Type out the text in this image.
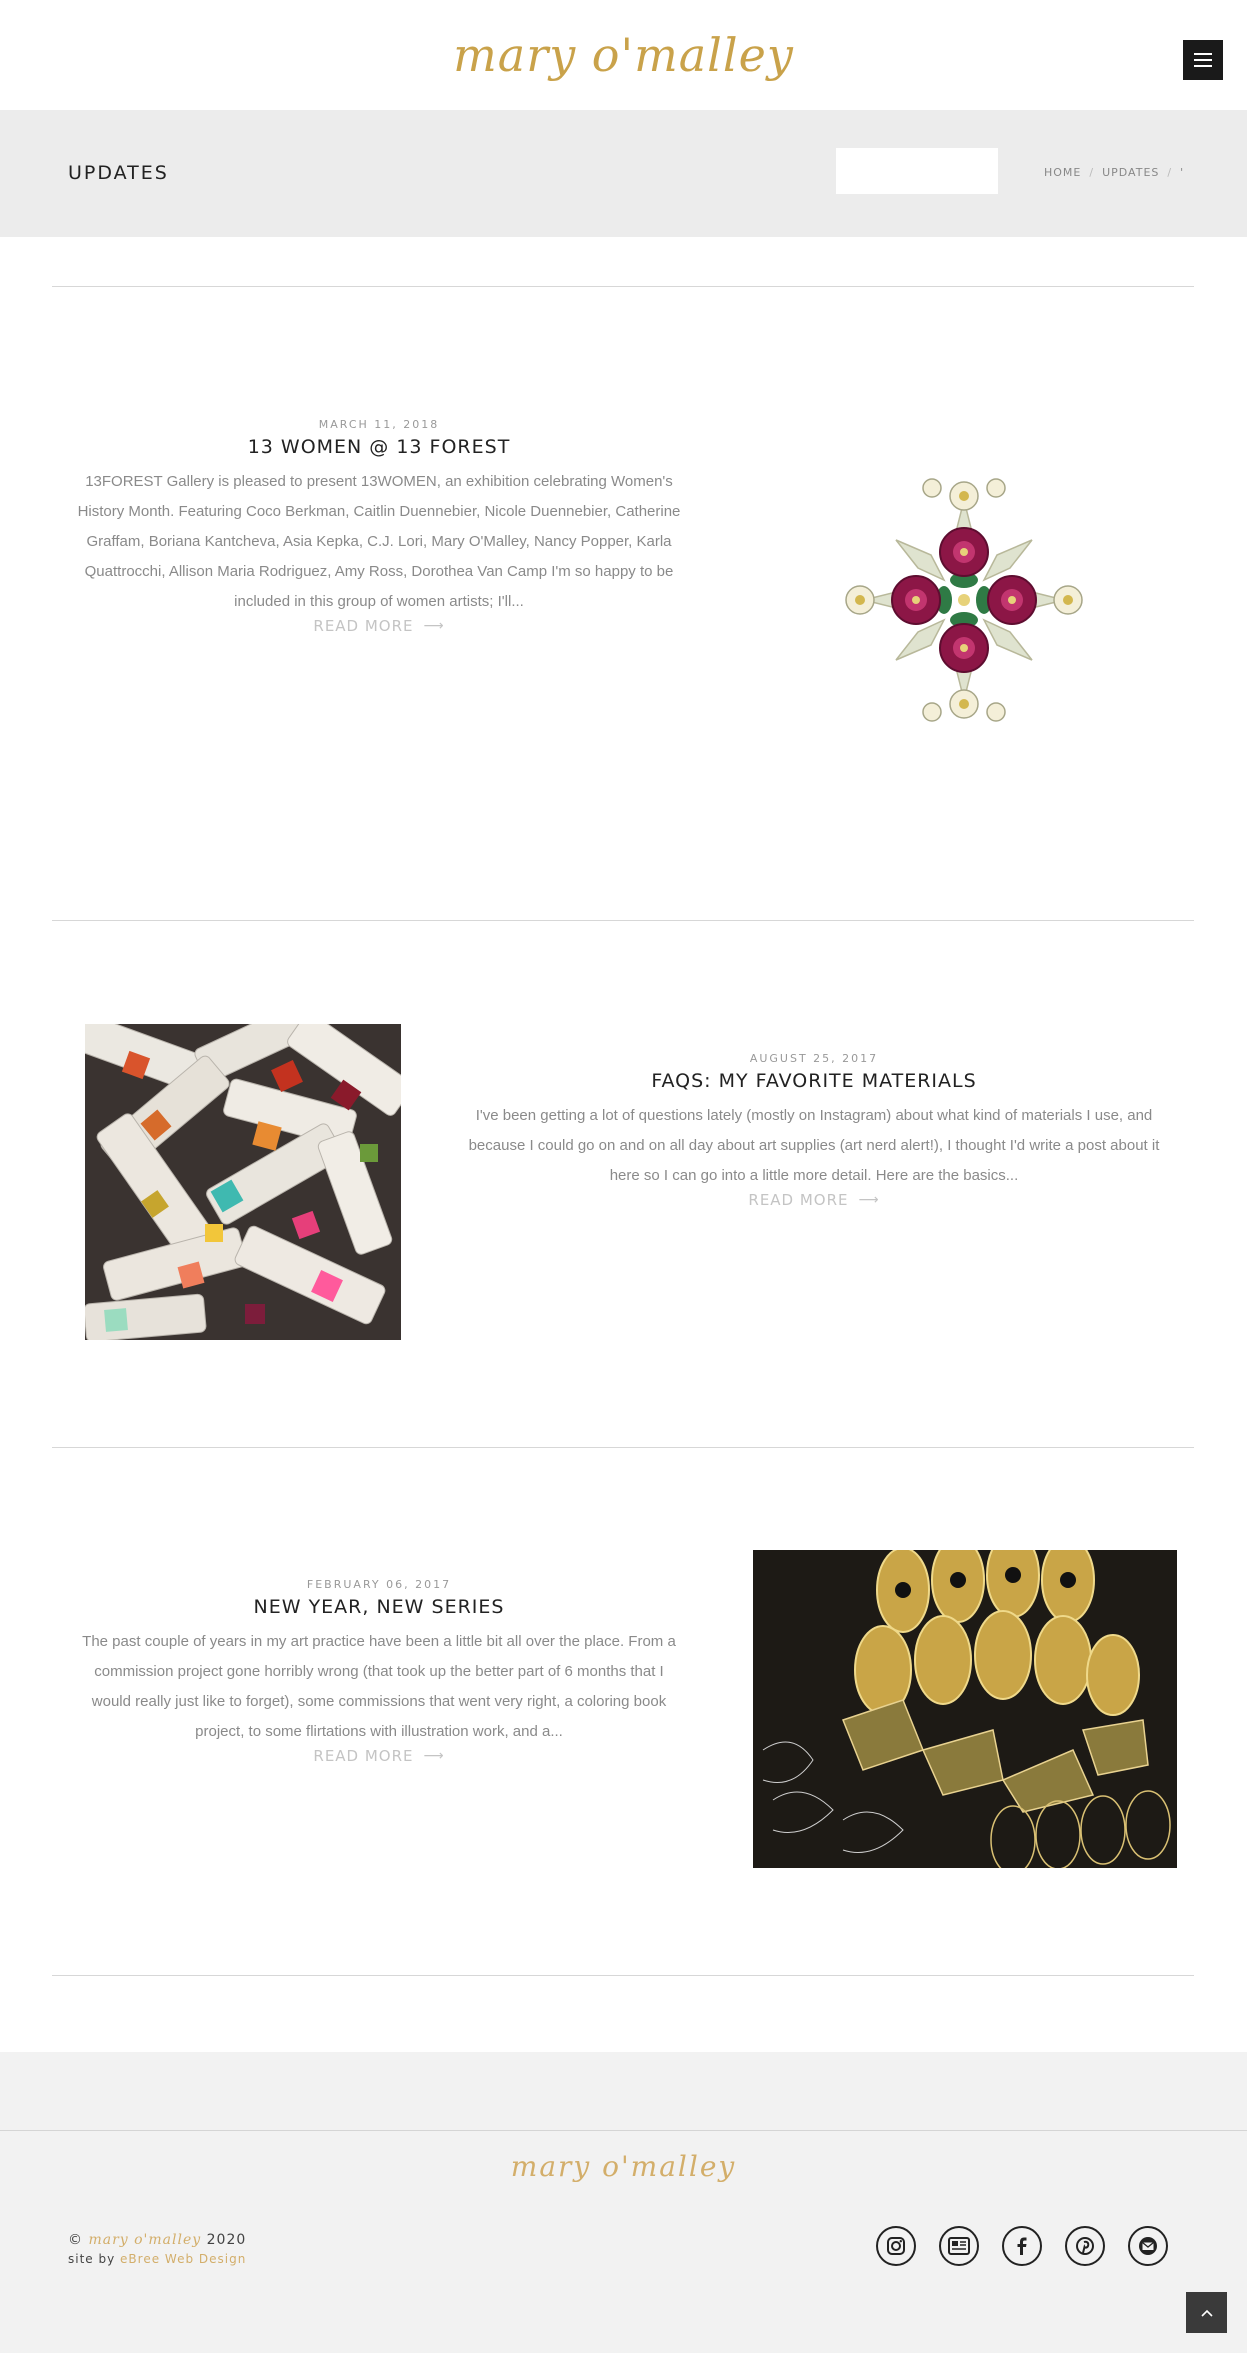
mary o'malley
UPDATES	HOME / UPDATES / '
MARCH 11, 2018
13 WOMEN @ 13 FOREST
13FOREST Gallery is pleased to present 13WOMEN, an exhibition celebrating Women's History Month. Featuring Coco Berkman, Caitlin Duennebier, Nicole Duennebier, Catherine Graffam, Boriana Kantcheva, Asia Kepka, C.J. Lori, Mary O'Malley, Nancy Popper, Karla Quattrocchi, Allison Maria Rodriguez, Amy Ross, Dorothea Van Camp I'm so happy to be included in this group of women artists; I'll...
READ MORE ⟶
AUGUST 25, 2017
FAQS: MY FAVORITE MATERIALS
I've been getting a lot of questions lately (mostly on Instagram) about what kind of materials I use, and because I could go on and on all day about art supplies (art nerd alert!), I thought I'd write a post about it here so I can go into a little more detail. Here are the basics...
READ MORE ⟶
FEBRUARY 06, 2017
NEW YEAR, NEW SERIES
The past couple of years in my art practice have been a little bit all over the place. From a commission project gone horribly wrong (that took up the better part of 6 months that I would really just like to forget), some commissions that went very right, a coloring book project, to some flirtations with illustration work, and a...
READ MORE ⟶
mary o'malley
© mary o'malley 2020
site by eBree Web Design
